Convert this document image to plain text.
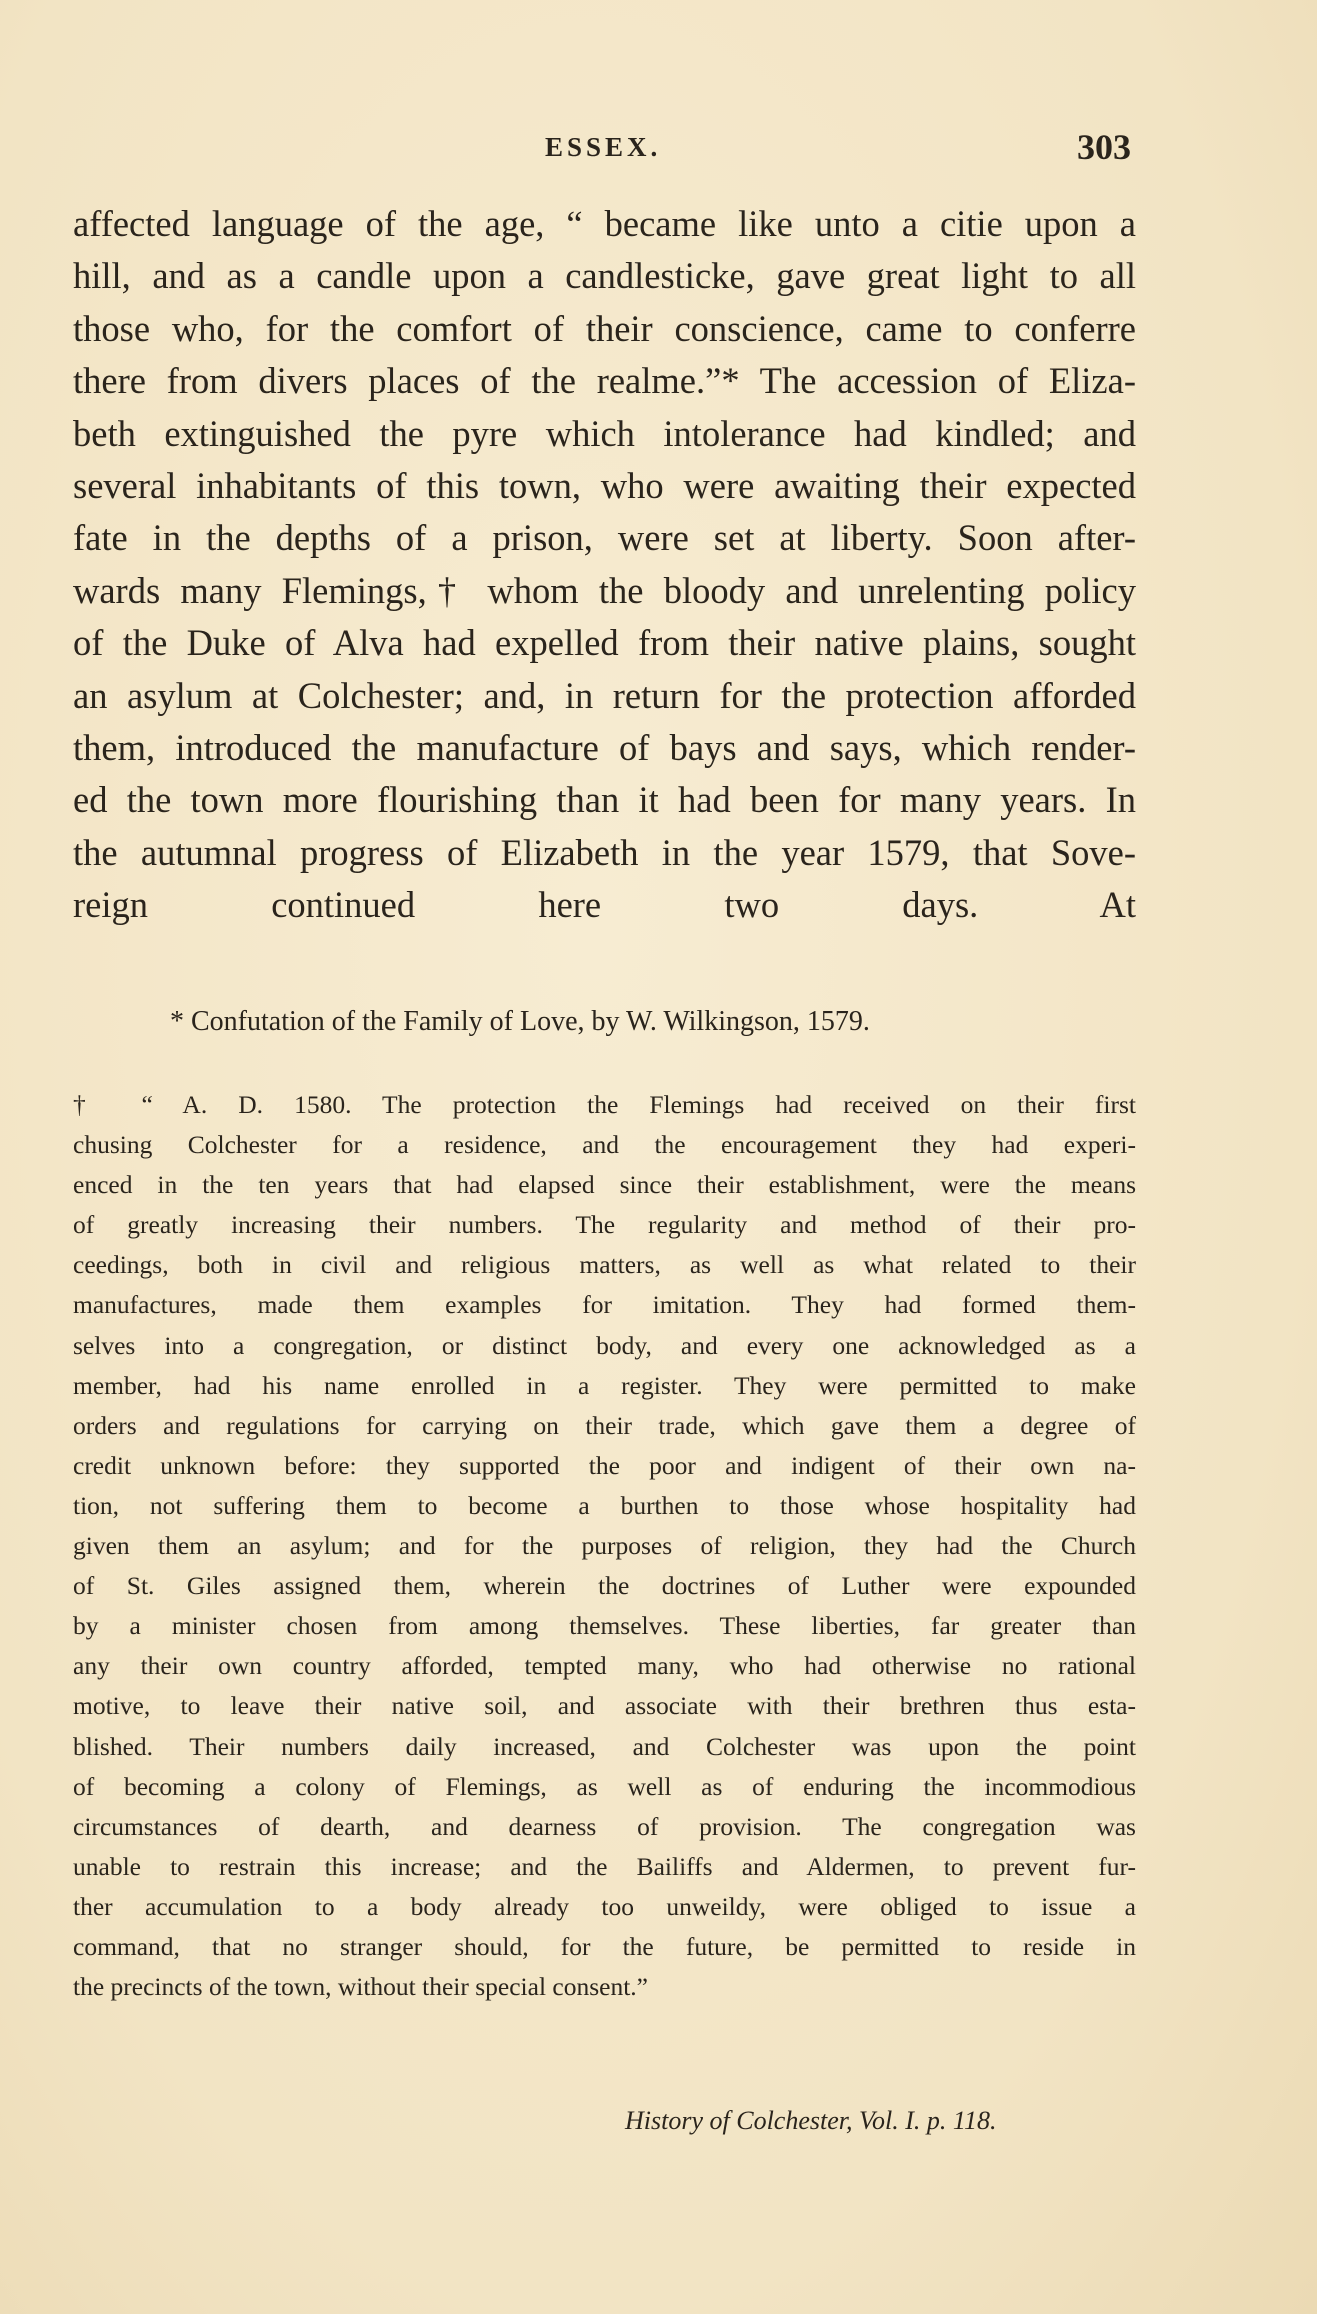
ESSEX.	303
affected language of the age, “ became like unto a citie upon a
hill, and as a candle upon a candlesticke, gave great light to all
those who, for the comfort of their conscience, came to conferre
there from divers places of the realme.”* The accession of Eliza-
beth extinguished the pyre which intolerance had kindled; and
several inhabitants of this town, who were awaiting their expected
fate in the depths of a prison, were set at liberty. Soon after-
wards many Flemings,† whom the bloody and unrelenting policy
of the Duke of Alva had expelled from their native plains, sought
an asylum at Colchester; and, in return for the protection afforded
them, introduced the manufacture of bays and says, which render-
ed the town more flourishing than it had been for many years. In
the autumnal progress of Elizabeth in the year 1579, that Sove-
reign continued here two days. At
* Confutation of the Family of Love, by W. Wilkingson, 1579.
† “ A. D. 1580. The protection the Flemings had received on their first
chusing Colchester for a residence, and the encouragement they had experi-
enced in the ten years that had elapsed since their establishment, were the means
of greatly increasing their numbers. The regularity and method of their pro-
ceedings, both in civil and religious matters, as well as what related to their
manufactures, made them examples for imitation. They had formed them-
selves into a congregation, or distinct body, and every one acknowledged as a
member, had his name enrolled in a register. They were permitted to make
orders and regulations for carrying on their trade, which gave them a degree of
credit unknown before: they supported the poor and indigent of their own na-
tion, not suffering them to become a burthen to those whose hospitality had
given them an asylum; and for the purposes of religion, they had the Church
of St. Giles assigned them, wherein the doctrines of Luther were expounded
by a minister chosen from among themselves. These liberties, far greater than
any their own country afforded, tempted many, who had otherwise no rational
motive, to leave their native soil, and associate with their brethren thus esta-
blished. Their numbers daily increased, and Colchester was upon the point
of becoming a colony of Flemings, as well as of enduring the incommodious
circumstances of dearth, and dearness of provision. The congregation was
unable to restrain this increase; and the Bailiffs and Aldermen, to prevent fur-
ther accumulation to a body already too unweildy, were obliged to issue a
command, that no stranger should, for the future, be permitted to reside in
the precincts of the town, without their special consent.”
History of Colchester, Vol. I. p. 118.
